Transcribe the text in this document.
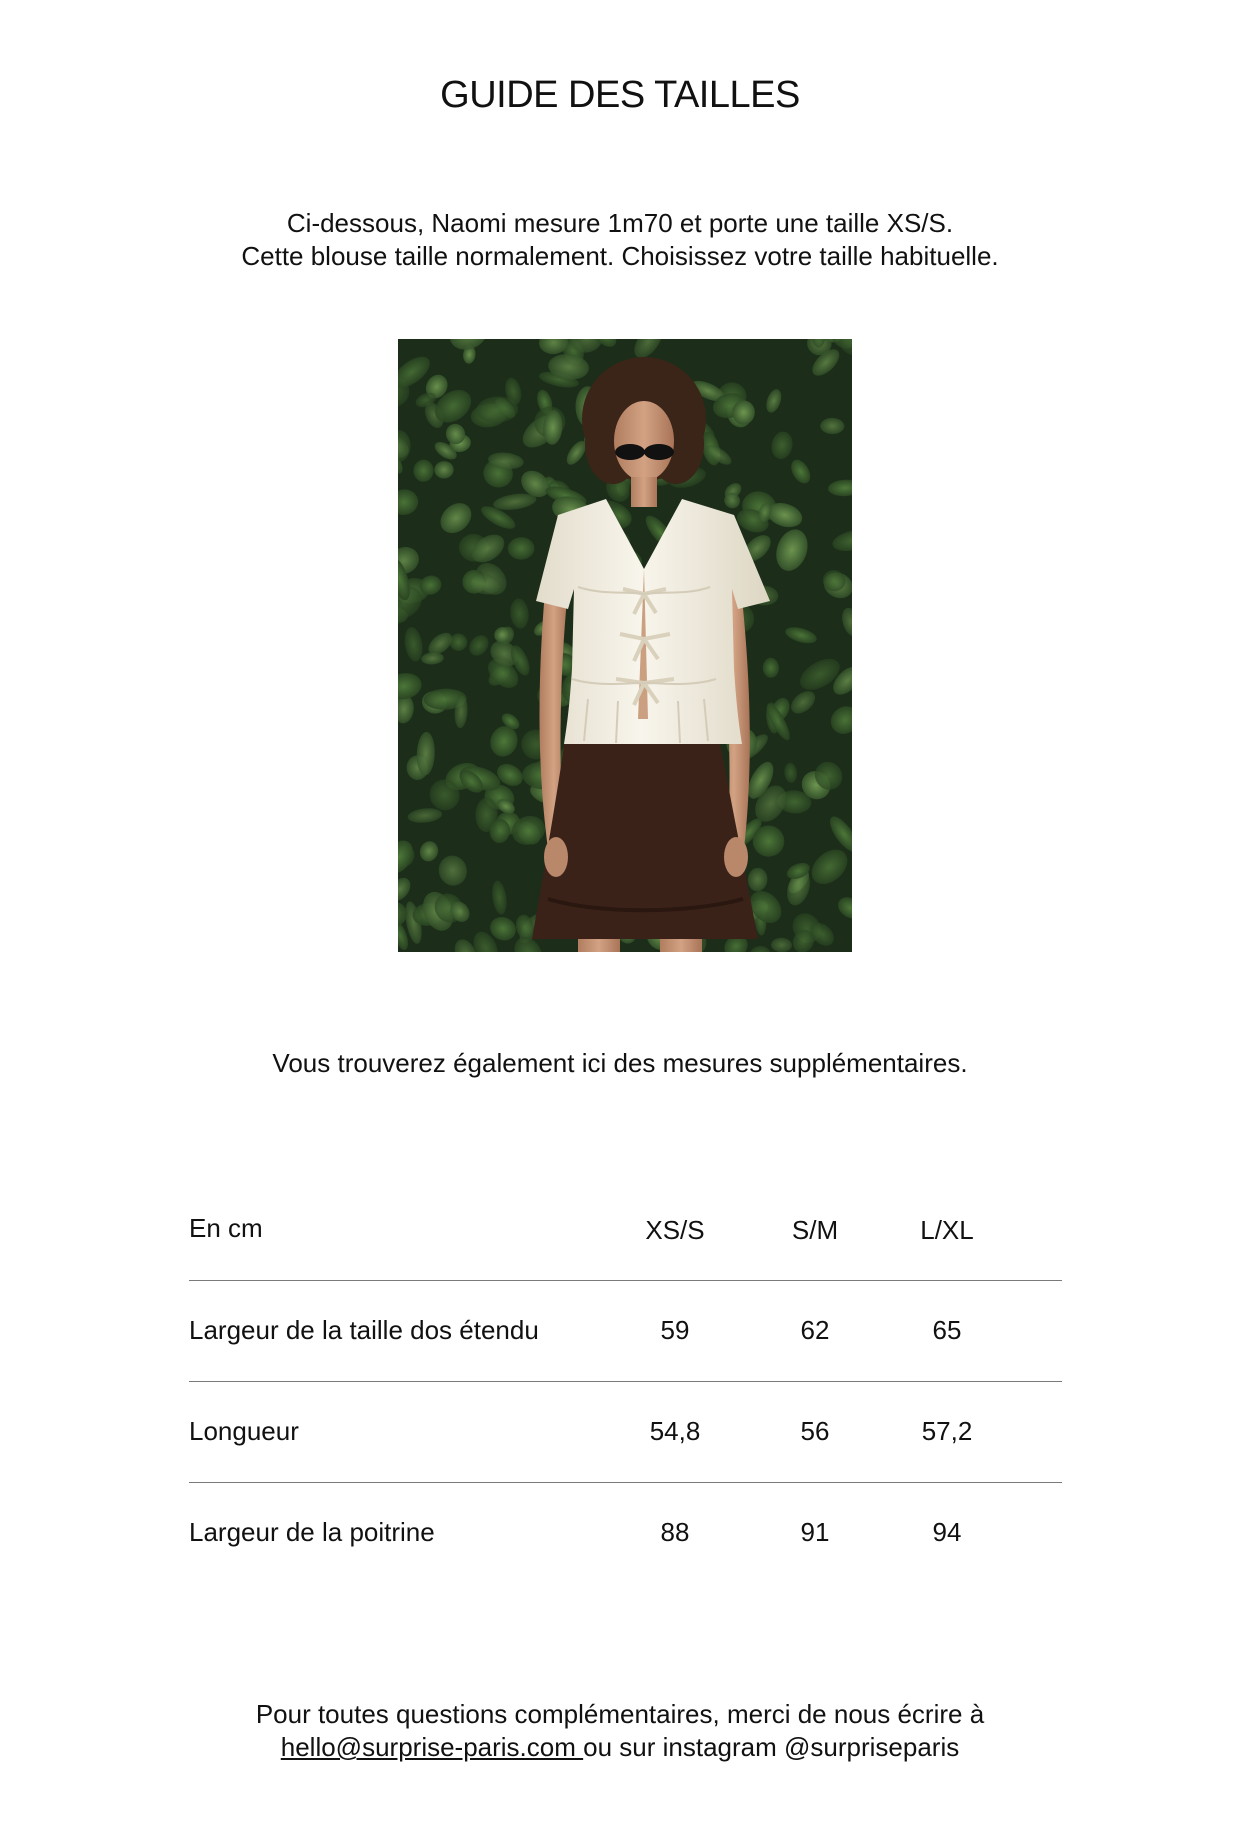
GUIDE DES TAILLES
Ci-dessous, Naomi mesure 1m70 et porte une taille XS/S.
Cette blouse taille normalement. Choisissez votre taille habituelle.
Vous trouverez également ici des mesures supplémentaires.
En cm	XS/S	S/M	L/XL
Largeur de la taille dos étendu	59	62	65
Longueur	54,8	56	57,2
Largeur de la poitrine	88	91	94
Pour toutes questions complémentaires, merci de nous écrire à
hello@surprise-paris.com ou sur instagram @surpriseparis
